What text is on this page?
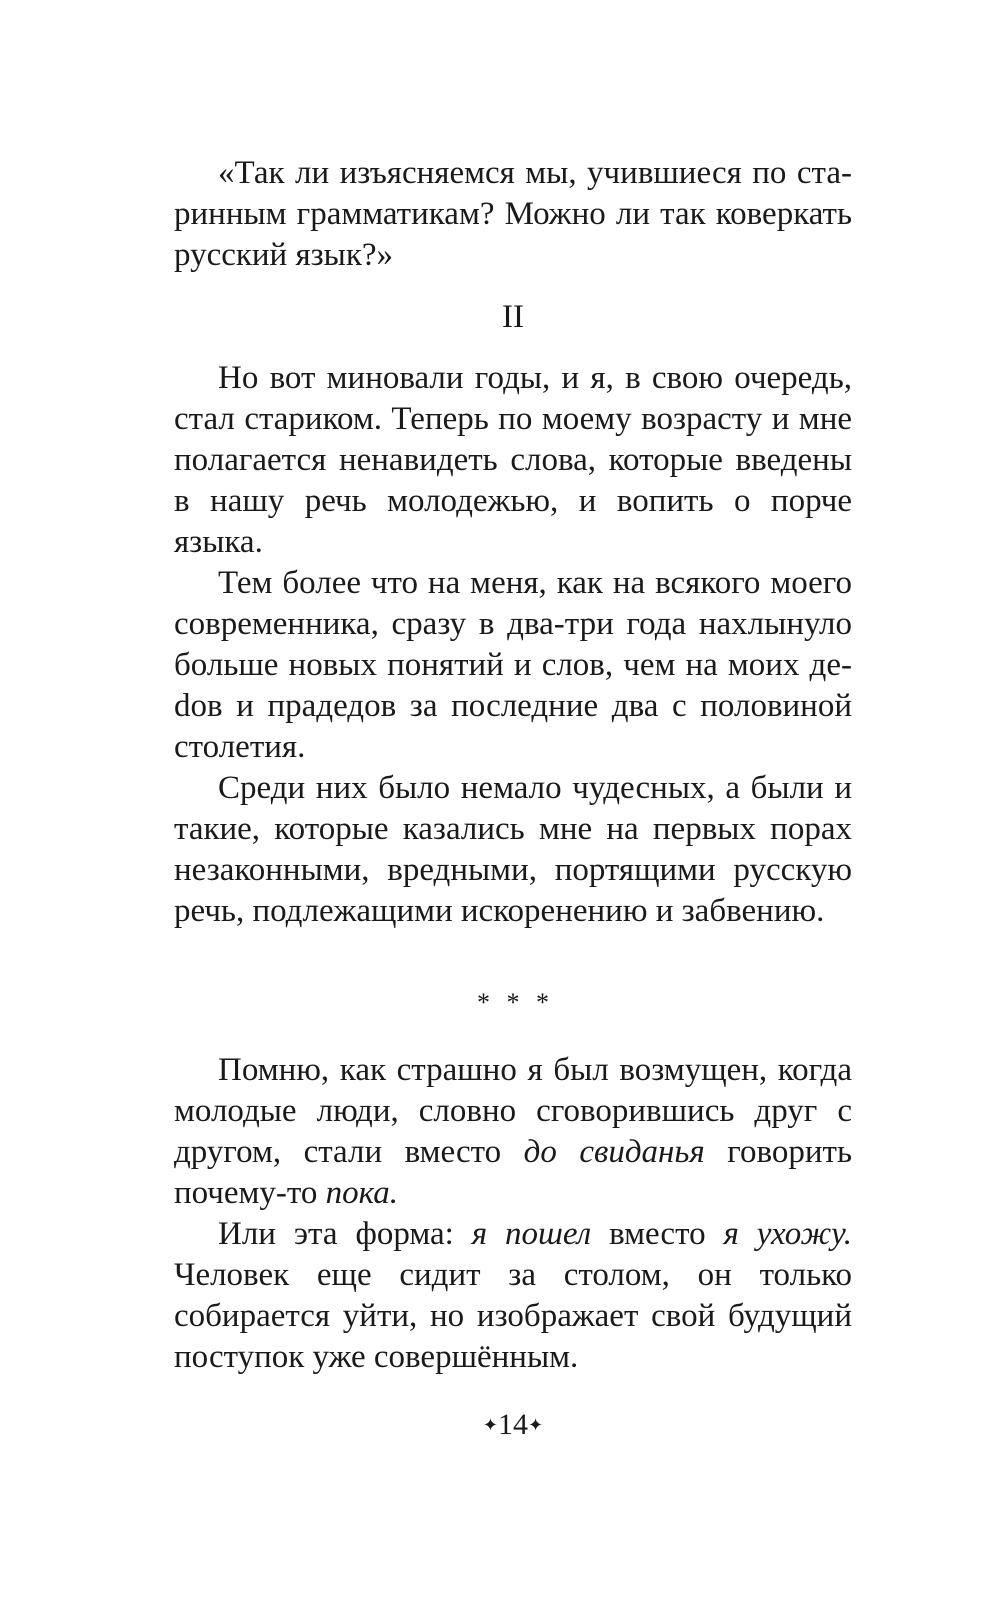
«Так ли изъясняемся мы, учившиеся по старинным грамматикам? Можно ли так коверкать русский язык?»

II

Но вот миновали годы, и я, в свою очередь, стал стариком. Теперь по моему возрасту и мне полагается ненавидеть слова, которые введены в нашу речь молодежью, и вопить о порче языка.

Тем более что на меня, как на всякого моего современника, сразу в два-три года нахлынуло больше новых понятий и слов, чем на моих деdов и прадедов за последние два с половиной столетия.

Среди них было немало чудесных, а были и такие, которые казались мне на первых порах незаконными, вредными, портящими русскую речь, подлежащими искоренению и забвению.

* * *

Помню, как страшно я был возмущен, когда молодые люди, словно сговорившись друг с другом, стали вместо до свиданья говорить почему-то пока.

Или эта форма: я пошел вместо я ухожу. Человек еще сидит за столом, он только собирается уйти, но изображает свой будущий поступок уже совершённым.

✦14✦
